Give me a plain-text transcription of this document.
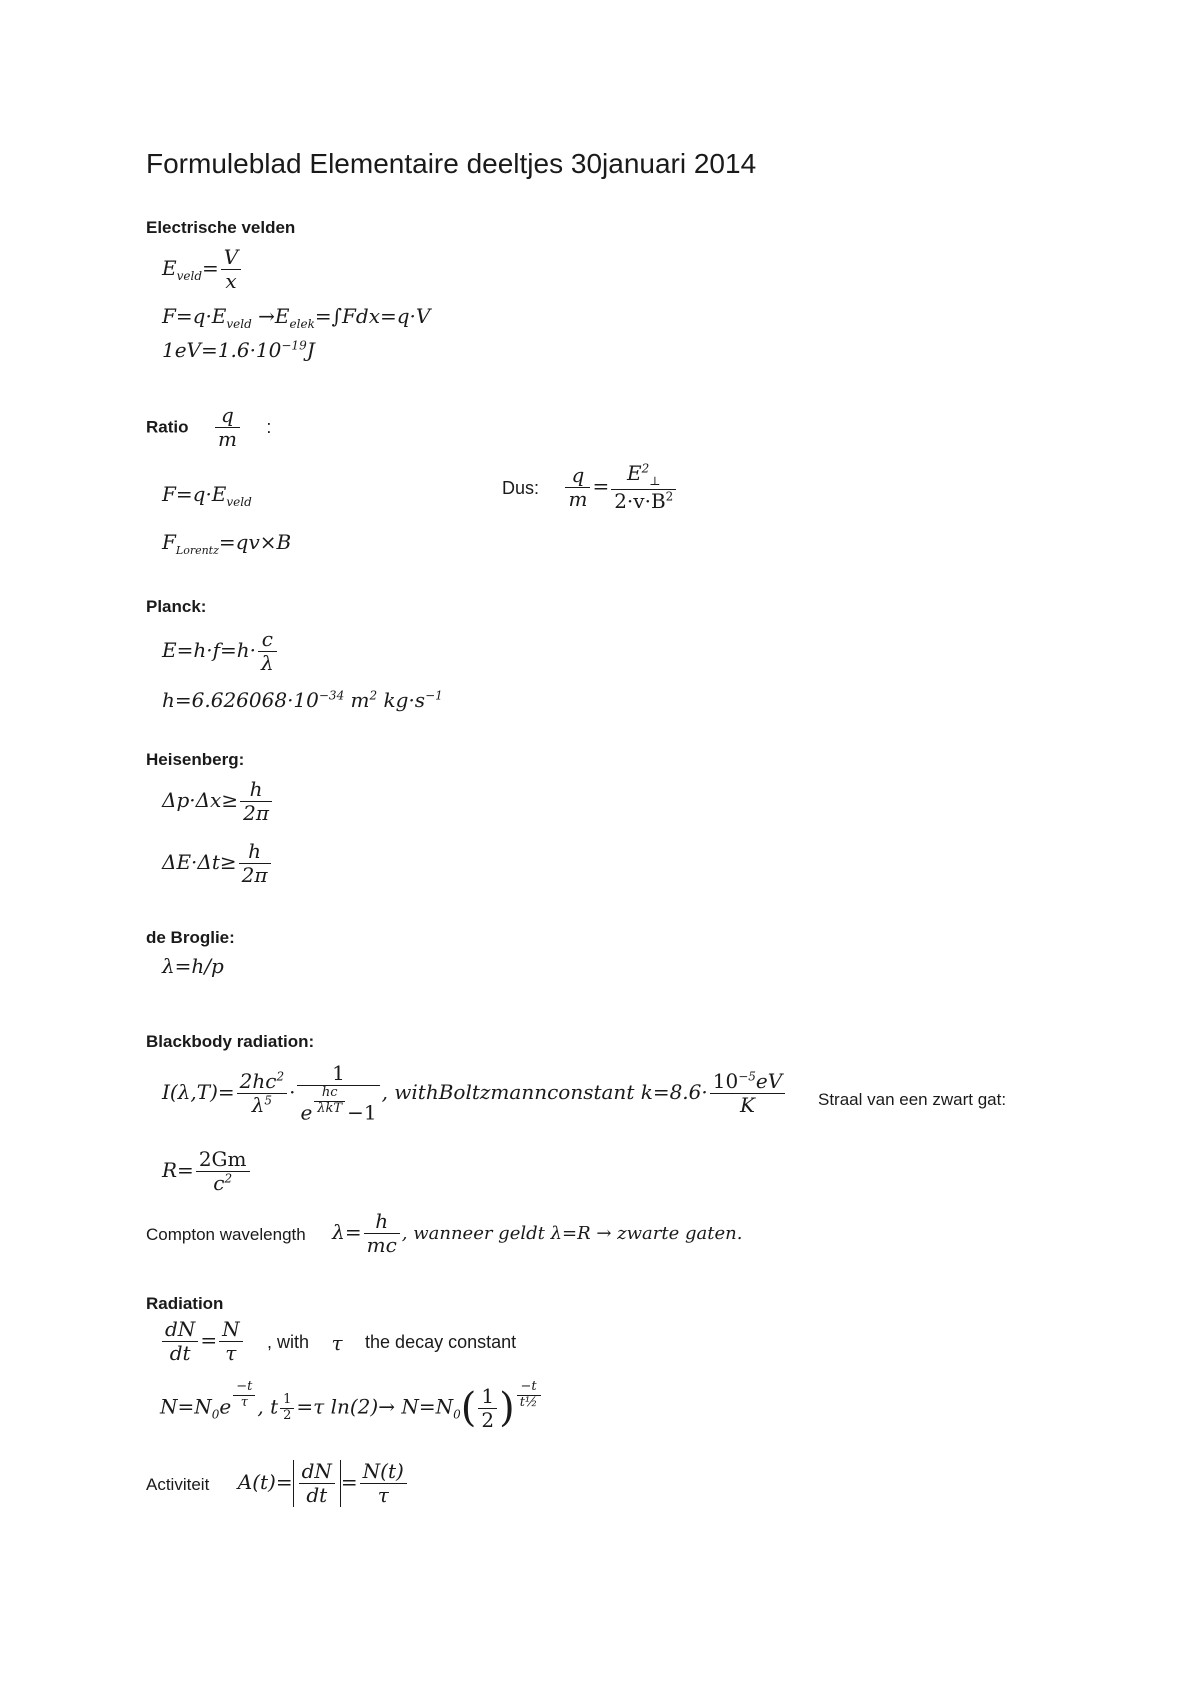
Formuleblad Elementaire deeltjes 30januari 2014
Electrische velden
$E_{veld}= \frac{V}{x}$
$F=q\cdot E_{veld} \to E_{elek}=\int Fdx=q\cdot V$
$1eV=1.6\cdot 10^{-19}J$
Ratio $\frac{q}{m}$ :
$F=q\cdot E_{veld}$
$F_{Lorentz}=qv\times B$
Dus: $\frac{q}{m} = \frac{E^2_\perp}{2\cdot v\cdot B^2}$
Planck:
$E=h\cdot f=h\cdot \frac{c}{\lambda}$
$h=6.626068\cdot 10^{-34}$ $m^2$ $kg\cdot s^{-1}$
Heisenberg:
$\Delta p\cdot\Delta x\ge \frac{h}{2\pi}$
$\Delta E\cdot\Delta t\ge \frac{h}{2\pi}$
de Broglie:
λ=h/p
Blackbody radiation:
$I(\lambda,T)= \frac{2hc^2}{\lambda^5} \cdot \frac{1}{e \frac{hc}{\text{λkT}} -1}$ , withBoltzmannconstant $k=8.6\cdot \frac{10^{-5}eV}{K}$ Straal van een zwart gat:
$R= \frac{2Gm}{c^2}$
Compton wavelength $\lambda= \frac{h}{mc}$ , wanneer geldt λ=R → zwarte gaten.
Radiation
$\frac{dN}{dt} = \frac{N}{\tau}$ , with τ the decay constant
$N=N_0e \frac{-t}{\tau}$ , t $\frac{1}{2} =\tau$ $\ln(2)\to N=N_0( \frac{1}{2}$ ) $\frac{-t}{\text{t½}}$
Activiteit $A(t)= \frac{dN}{dt} = \frac{N(t)}{\tau}$
